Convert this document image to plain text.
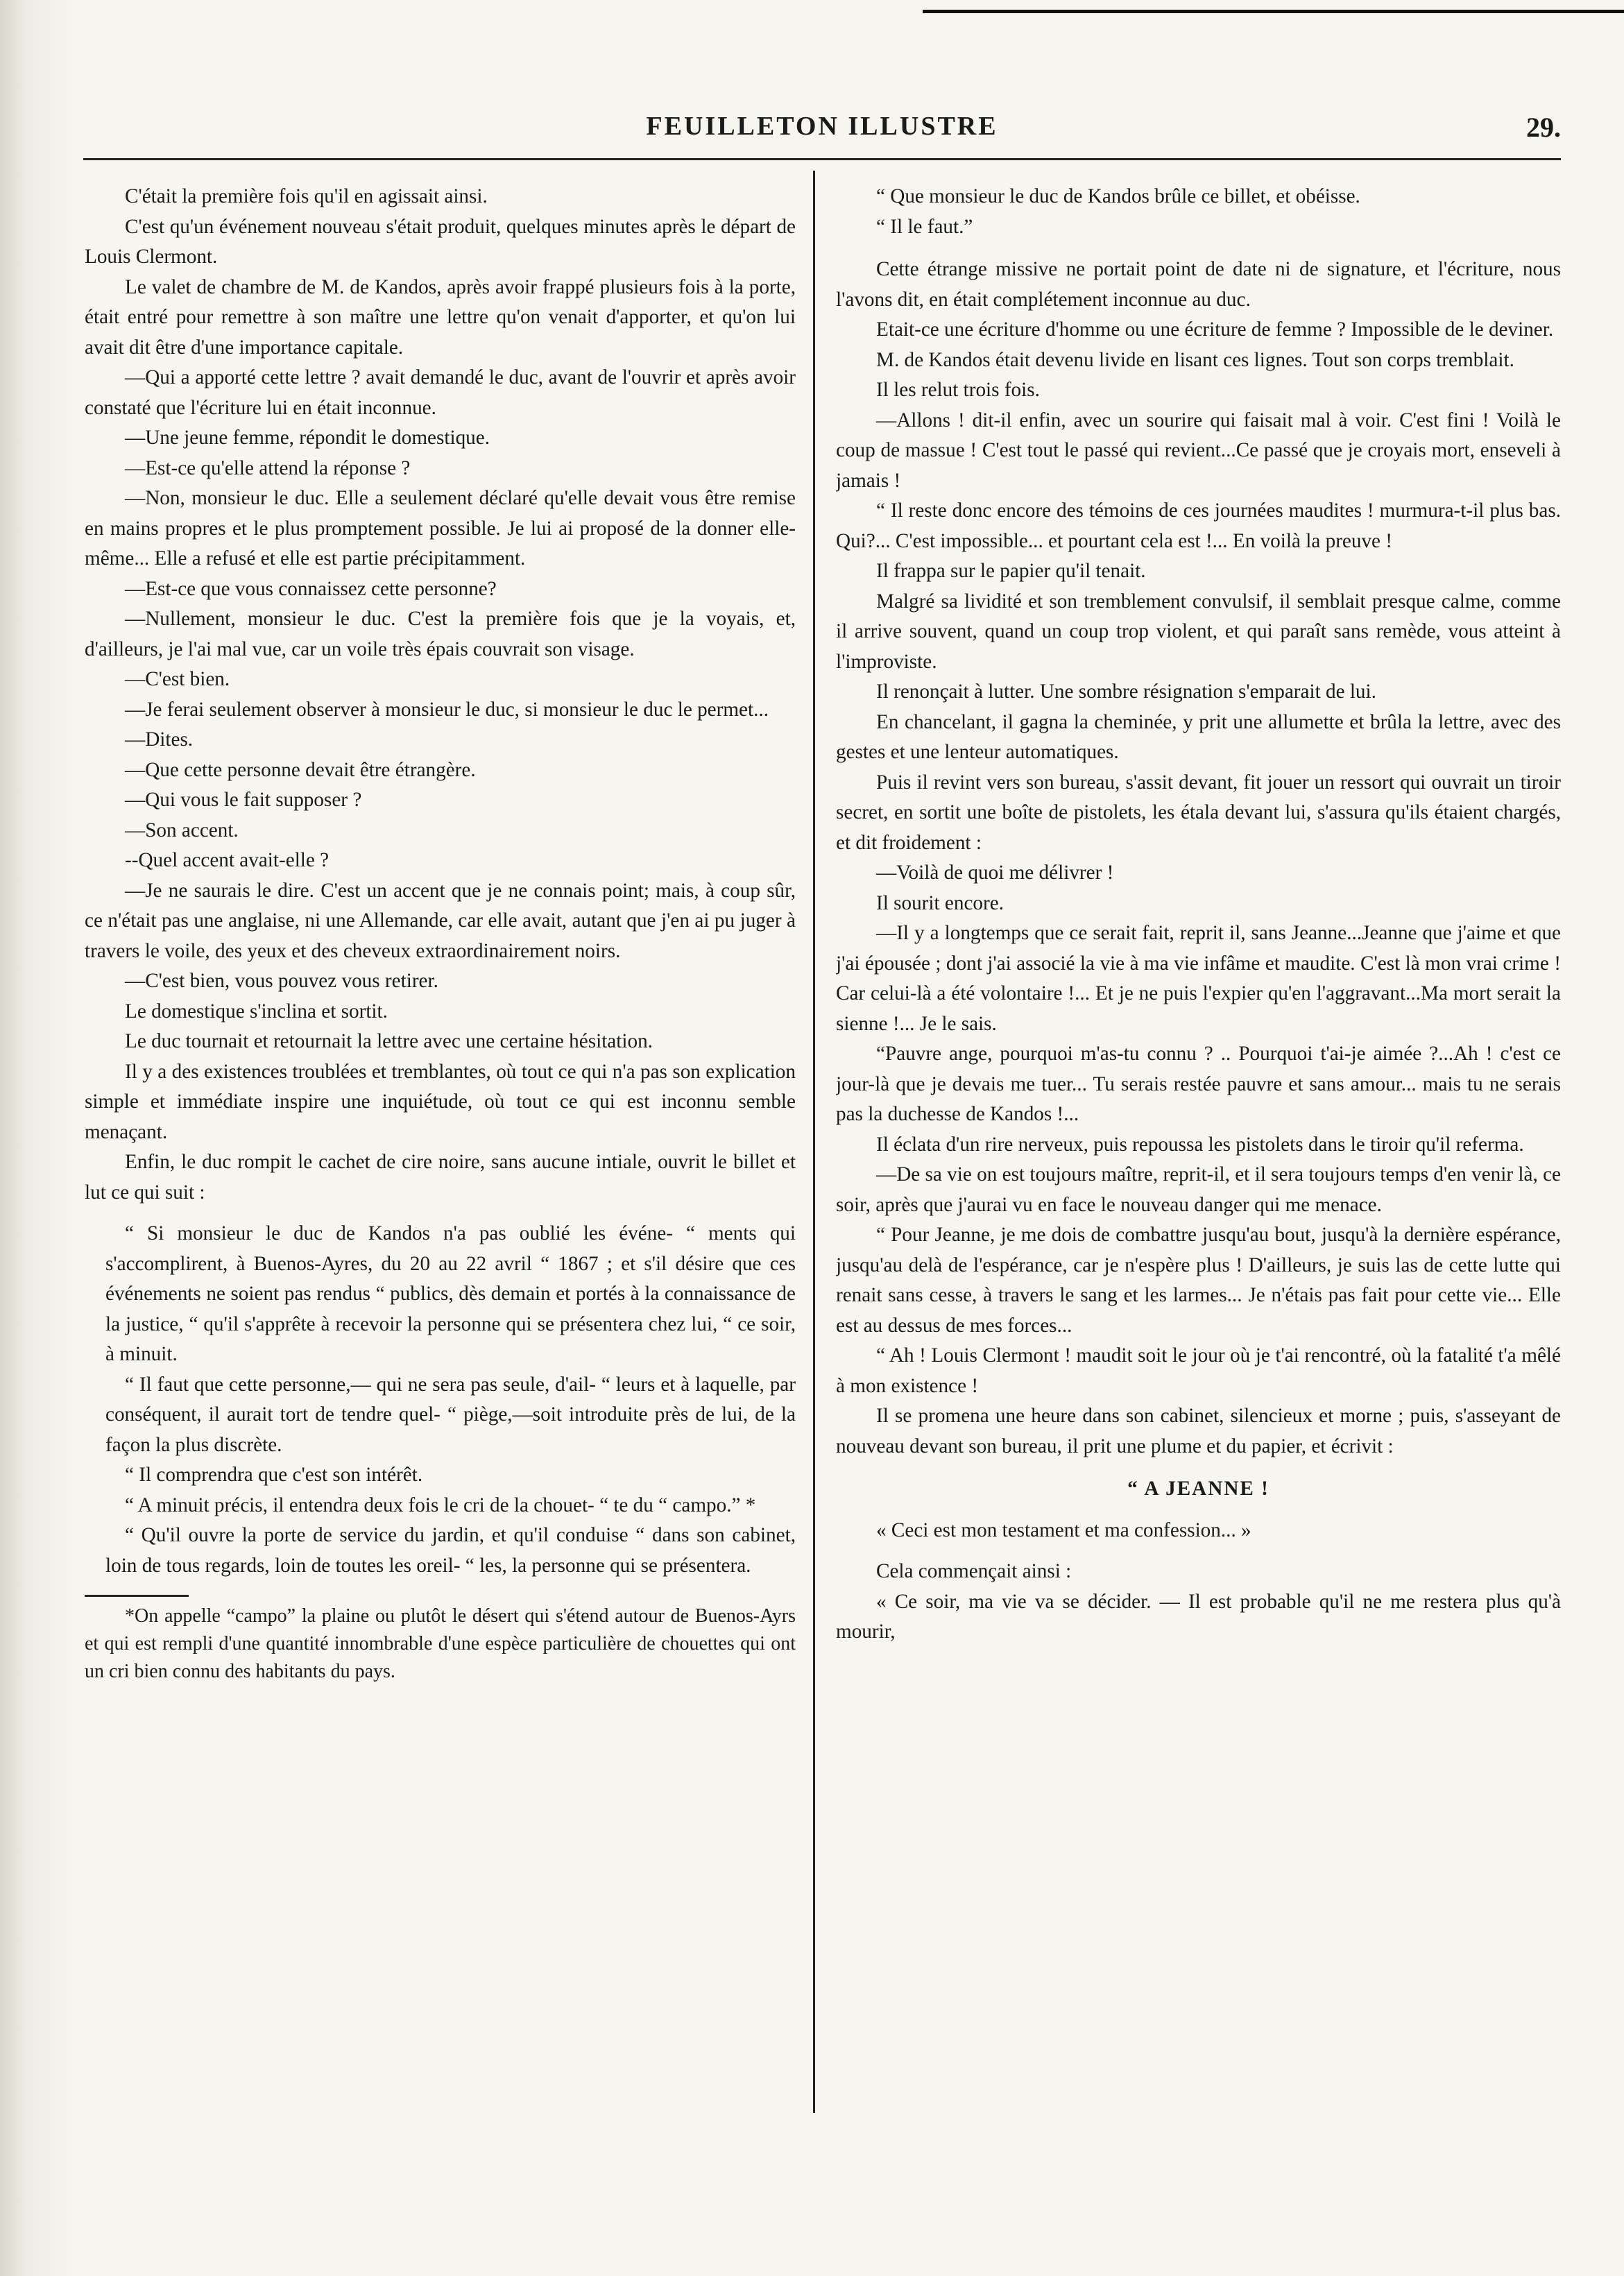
FEUILLETON ILLUSTRE	29.

C'était la première fois qu'il en agissait ainsi.

C'est qu'un événement nouveau s'était produit, quelques minutes après le départ de Louis Clermont.

Le valet de chambre de M. de Kandos, après avoir frappé plusieurs fois à la porte, était entré pour remettre à son maître une lettre qu'on venait d'apporter, et qu'on lui avait dit être d'une importance capitale.

—Qui a apporté cette lettre ? avait demandé le duc, avant de l'ouvrir et après avoir constaté que l'écriture lui en était inconnue.

—Une jeune femme, répondit le domestique.

—Est-ce qu'elle attend la réponse ?

—Non, monsieur le duc. Elle a seulement déclaré qu'elle devait vous être remise en mains propres et le plus promptement possible. Je lui ai proposé de la donner elle-même... Elle a refusé et elle est partie précipitamment.

—Est-ce que vous connaissez cette personne?

—Nullement, monsieur le duc. C'est la première fois que je la voyais, et, d'ailleurs, je l'ai mal vue, car un voile très épais couvrait son visage.

—C'est bien.

—Je ferai seulement observer à monsieur le duc, si monsieur le duc le permet...

—Dites.

—Que cette personne devait être étrangère.

—Qui vous le fait supposer ?

—Son accent.

--Quel accent avait-elle ?

—Je ne saurais le dire. C'est un accent que je ne connais point; mais, à coup sûr, ce n'était pas une anglaise, ni une Allemande, car elle avait, autant que j'en ai pu juger à travers le voile, des yeux et des cheveux extraordinairement noirs.

—C'est bien, vous pouvez vous retirer.

Le domestique s'inclina et sortit.

Le duc tournait et retournait la lettre avec une certaine hésitation.

Il y a des existences troublées et tremblantes, où tout ce qui n'a pas son explication simple et immédiate inspire une inquiétude, où tout ce qui est inconnu semble menaçant.

Enfin, le duc rompit le cachet de cire noire, sans aucune intiale, ouvrit le billet et lut ce qui suit :

“ Si monsieur le duc de Kandos n'a pas oublié les événe- “ ments qui s'accomplirent, à Buenos-Ayres, du 20 au 22 avril “ 1867 ; et s'il désire que ces événements ne soient pas rendus “ publics, dès demain et portés à la connaissance de la justice, “ qu'il s'apprête à recevoir la personne qui se présentera chez lui, “ ce soir, à minuit.

“ Il faut que cette personne,— qui ne sera pas seule, d'ail- “ leurs et à laquelle, par conséquent, il aurait tort de tendre quel- “ piège,—soit introduite près de lui, de la façon la plus discrète.

“ Il comprendra que c'est son intérêt.

“ A minuit précis, il entendra deux fois le cri de la chouet- “ te du “ campo.” *

“ Qu'il ouvre la porte de service du jardin, et qu'il conduise “ dans son cabinet, loin de tous regards, loin de toutes les oreil- “ les, la personne qui se présentera.

*On appelle “campo” la plaine ou plutôt le désert qui s'étend autour de Buenos-Ayrs et qui est rempli d'une quantité innombrable d'une espèce particulière de chouettes qui ont un cri bien connu des habitants du pays.

“ Que monsieur le duc de Kandos brûle ce billet, et obéisse.

“ Il le faut.”

Cette étrange missive ne portait point de date ni de signature, et l'écriture, nous l'avons dit, en était complétement inconnue au duc.

Etait-ce une écriture d'homme ou une écriture de femme ? Impossible de le deviner.

M. de Kandos était devenu livide en lisant ces lignes. Tout son corps tremblait.

Il les relut trois fois.

—Allons ! dit-il enfin, avec un sourire qui faisait mal à voir. C'est fini ! Voilà le coup de massue ! C'est tout le passé qui revient...Ce passé que je croyais mort, enseveli à jamais !

“ Il reste donc encore des témoins de ces journées maudites ! murmura-t-il plus bas. Qui?... C'est impossible... et pourtant cela est !... En voilà la preuve !

Il frappa sur le papier qu'il tenait.

Malgré sa lividité et son tremblement convulsif, il semblait presque calme, comme il arrive souvent, quand un coup trop violent, et qui paraît sans remède, vous atteint à l'improviste.

Il renonçait à lutter. Une sombre résignation s'emparait de lui.

En chancelant, il gagna la cheminée, y prit une allumette et brûla la lettre, avec des gestes et une lenteur automatiques.

Puis il revint vers son bureau, s'assit devant, fit jouer un ressort qui ouvrait un tiroir secret, en sortit une boîte de pistolets, les étala devant lui, s'assura qu'ils étaient chargés, et dit froidement :

—Voilà de quoi me délivrer !

Il sourit encore.

—Il y a longtemps que ce serait fait, reprit il, sans Jeanne...Jeanne que j'aime et que j'ai épousée ; dont j'ai associé la vie à ma vie infâme et maudite. C'est là mon vrai crime ! Car celui-là a été volontaire !... Et je ne puis l'expier qu'en l'aggravant...Ma mort serait la sienne !... Je le sais.

“Pauvre ange, pourquoi m'as-tu connu ? .. Pourquoi t'ai-je aimée ?...Ah ! c'est ce jour-là que je devais me tuer... Tu serais restée pauvre et sans amour... mais tu ne serais pas la duchesse de Kandos !...

Il éclata d'un rire nerveux, puis repoussa les pistolets dans le tiroir qu'il referma.

—De sa vie on est toujours maître, reprit-il, et il sera toujours temps d'en venir là, ce soir, après que j'aurai vu en face le nouveau danger qui me menace.

“ Pour Jeanne, je me dois de combattre jusqu'au bout, jusqu'à la dernière espérance, jusqu'au delà de l'espérance, car je n'espère plus ! D'ailleurs, je suis las de cette lutte qui renait sans cesse, à travers le sang et les larmes... Je n'étais pas fait pour cette vie... Elle est au dessus de mes forces...

“ Ah ! Louis Clermont ! maudit soit le jour où je t'ai rencontré, où la fatalité t'a mêlé à mon existence !

Il se promena une heure dans son cabinet, silencieux et morne ; puis, s'asseyant de nouveau devant son bureau, il prit une plume et du papier, et écrivit :

“ A JEANNE !

« Ceci est mon testament et ma confession... »

Cela commençait ainsi :

« Ce soir, ma vie va se décider. — Il est probable qu'il ne me restera plus qu'à mourir,
